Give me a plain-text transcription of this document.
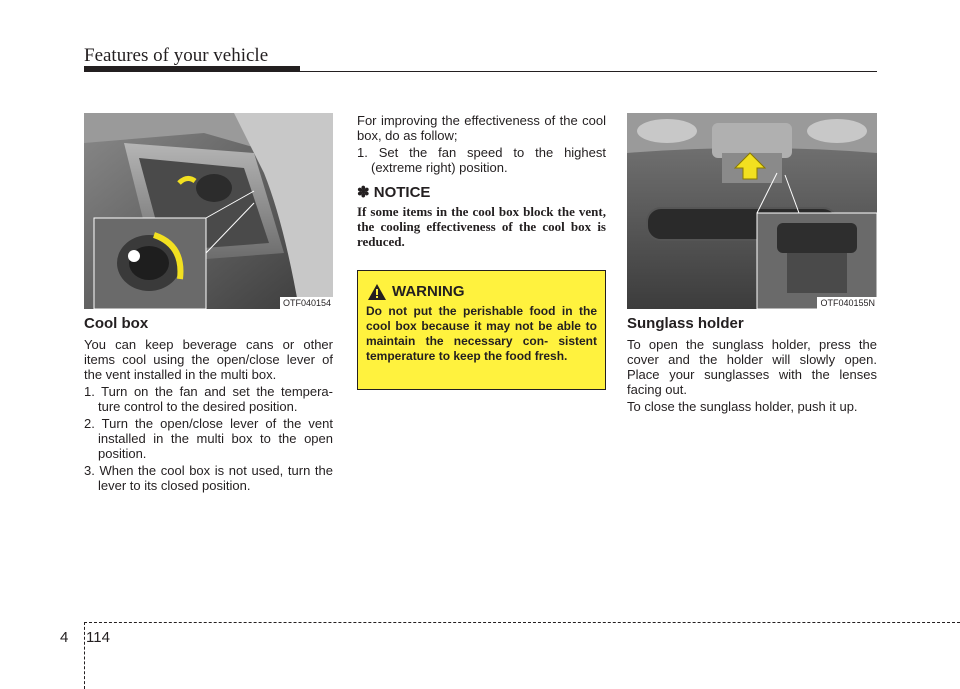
Features of your vehicle
OTF040154
Cool box

You can keep beverage cans or other items cool using the open/close lever of the vent installed in the multi box.

1. Turn on the fan and set the tempera- ture control to the desired position.
2. Turn the open/close lever of the vent installed in the multi box to the open position.
3. When the cool box is not used, turn the lever to its closed position.

For improving the effectiveness of the cool box, do as follow;

1. Set the fan speed to the highest (extreme right) position.
✽ NOTICE
If some items in the cool box block the vent, the cooling effectiveness of the cool box is reduced.
WARNING
Do not put the perishable food in the cool box because it may not be able to maintain the necessary con- sistent temperature to keep the food fresh.
OTF040155N
Sunglass holder

To open the sunglass holder, press the cover and the holder will slowly open. Place your sunglasses with the lenses facing out.

To close the sunglass holder, push it up.

4 114
